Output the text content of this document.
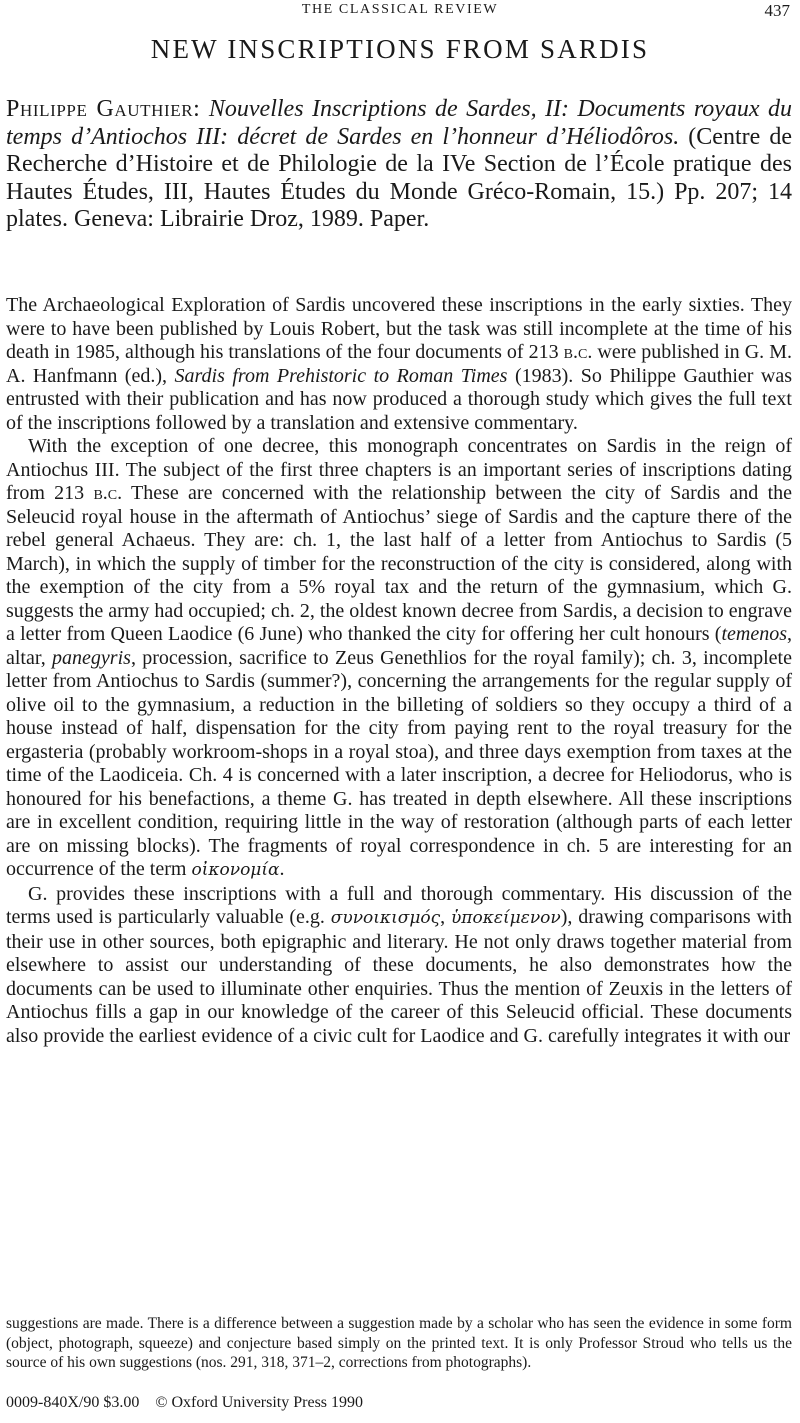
THE CLASSICAL REVIEW	437
NEW INSCRIPTIONS FROM SARDIS
Philippe Gauthier: Nouvelles Inscriptions de Sardes, II: Documents royaux du temps d’Antiochos III: décret de Sardes en l’honneur d’Héliodôros. (Centre de Recherche d’Histoire et de Philologie de la IVe Section de l’École pratique des Hautes Études, III, Hautes Études du Monde Gréco-Romain, 15.) Pp. 207; 14 plates. Geneva: Librairie Droz, 1989. Paper.

The Archaeological Exploration of Sardis uncovered these inscriptions in the early sixties. They were to have been published by Louis Robert, but the task was still incomplete at the time of his death in 1985, although his translations of the four documents of 213 b.c. were published in G. M. A. Hanfmann (ed.), Sardis from Prehistoric to Roman Times (1983). So Philippe Gauthier was entrusted with their publication and has now produced a thorough study which gives the full text of the inscriptions followed by a translation and extensive commentary.

With the exception of one decree, this monograph concentrates on Sardis in the reign of Antiochus III. The subject of the first three chapters is an important series of inscriptions dating from 213 b.c. These are concerned with the relationship between the city of Sardis and the Seleucid royal house in the aftermath of Antiochus’ siege of Sardis and the capture there of the rebel general Achaeus. They are: ch. 1, the last half of a letter from Antiochus to Sardis (5 March), in which the supply of timber for the reconstruction of the city is considered, along with the exemption of the city from a 5% royal tax and the return of the gymnasium, which G. suggests the army had occupied; ch. 2, the oldest known decree from Sardis, a decision to engrave a letter from Queen Laodice (6 June) who thanked the city for offering her cult honours (temenos, altar, panegyris, procession, sacrifice to Zeus Genethlios for the royal family); ch. 3, incomplete letter from Antiochus to Sardis (summer?), concerning the arrangements for the regular supply of olive oil to the gymnasium, a reduction in the billeting of soldiers so they occupy a third of a house instead of half, dispensation for the city from paying rent to the royal treasury for the ergasteria (probably workroom-shops in a royal stoa), and three days exemption from taxes at the time of the Laodiceia. Ch. 4 is concerned with a later inscription, a decree for Heliodorus, who is honoured for his benefactions, a theme G. has treated in depth elsewhere. All these inscriptions are in excellent condition, requiring little in the way of restoration (although parts of each letter are on missing blocks). The fragments of royal correspondence in ch. 5 are interesting for an occurrence of the term οἰκονομία.

G. provides these inscriptions with a full and thorough commentary. His discussion of the terms used is particularly valuable (e.g. συνοικισμός, ὑποκείμενον), drawing comparisons with their use in other sources, both epigraphic and literary. He not only draws together material from elsewhere to assist our understanding of these documents, he also demonstrates how the documents can be used to illuminate other enquiries. Thus the mention of Zeuxis in the letters of Antiochus fills a gap in our knowledge of the career of this Seleucid official. These documents also provide the earliest evidence of a civic cult for Laodice and G. carefully integrates it with our

suggestions are made. There is a difference between a suggestion made by a scholar who has seen the evidence in some form (object, photograph, squeeze) and conjecture based simply on the printed text. It is only Professor Stroud who tells us the source of his own suggestions (nos. 291, 318, 371–2, corrections from photographs).

0009-840X/90 $3.00    © Oxford University Press 1990
